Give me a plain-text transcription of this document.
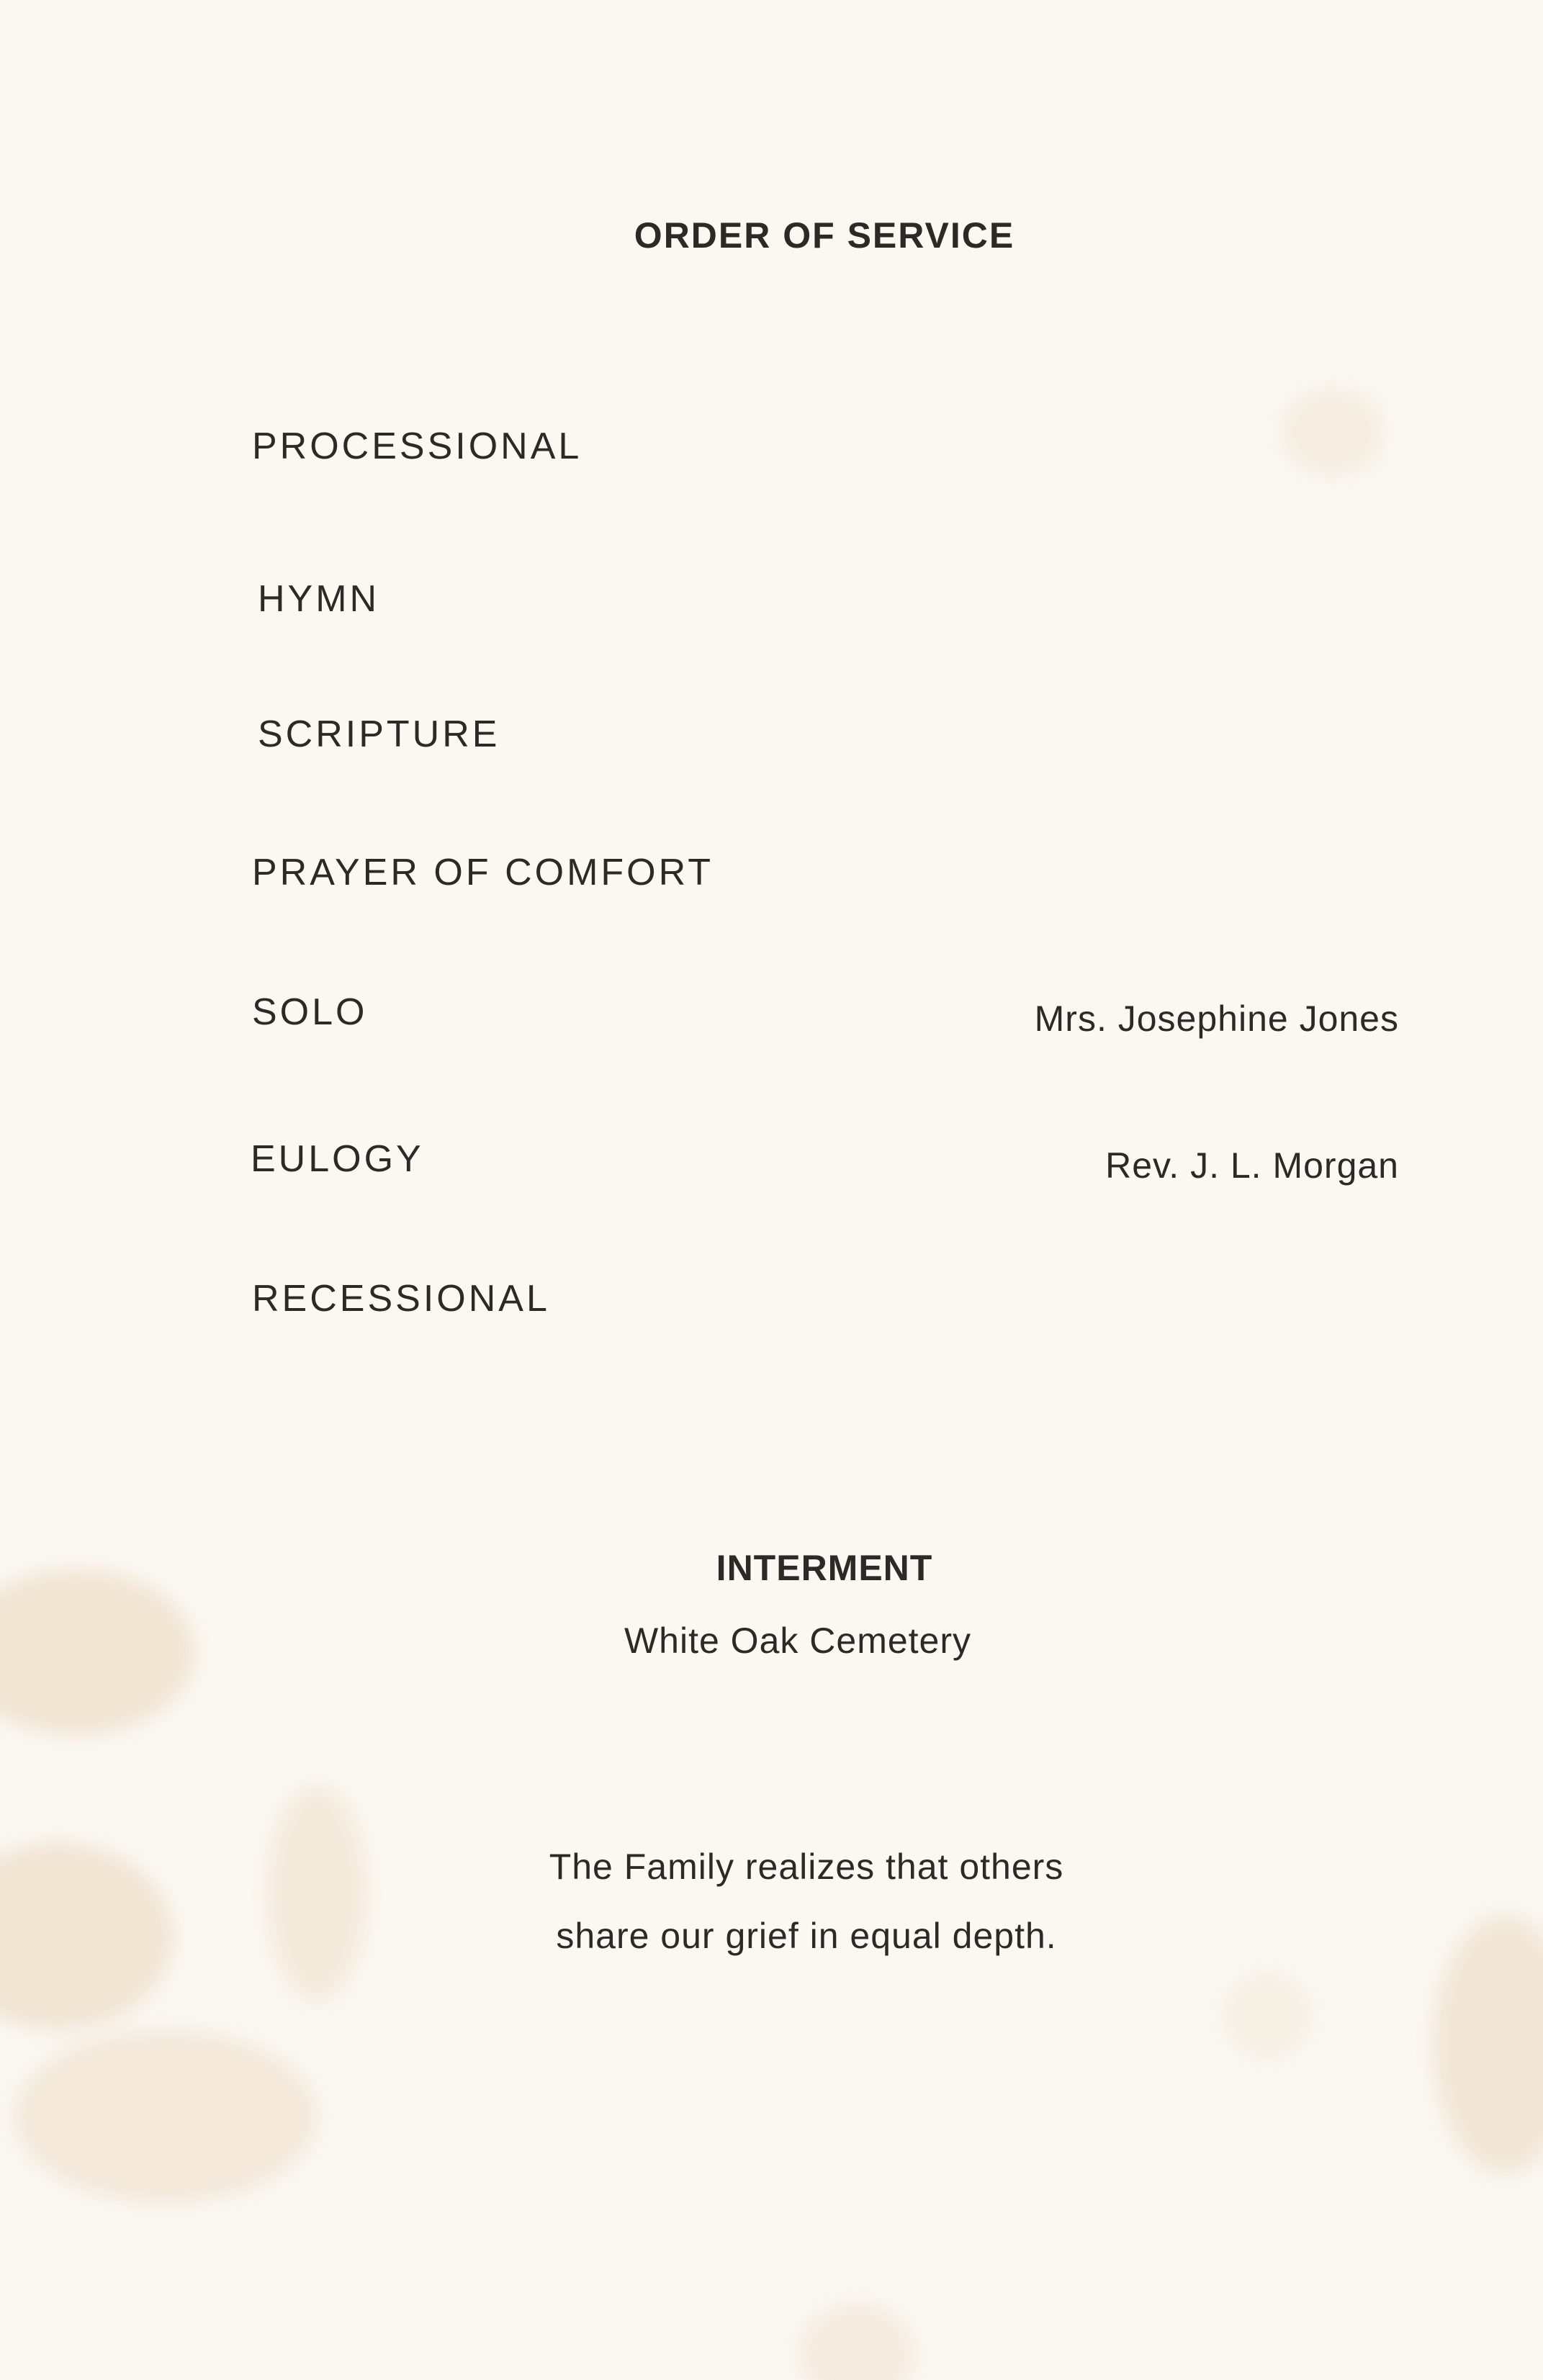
ORDER OF SERVICE
PROCESSIONAL
HYMN
SCRIPTURE
PRAYER OF COMFORT
SOLO
EULOGY
RECESSIONAL
Mrs. Josephine Jones
Rev. J. L. Morgan
INTERMENT
White Oak Cemetery
The Family realizes that others
share our grief in equal depth.
